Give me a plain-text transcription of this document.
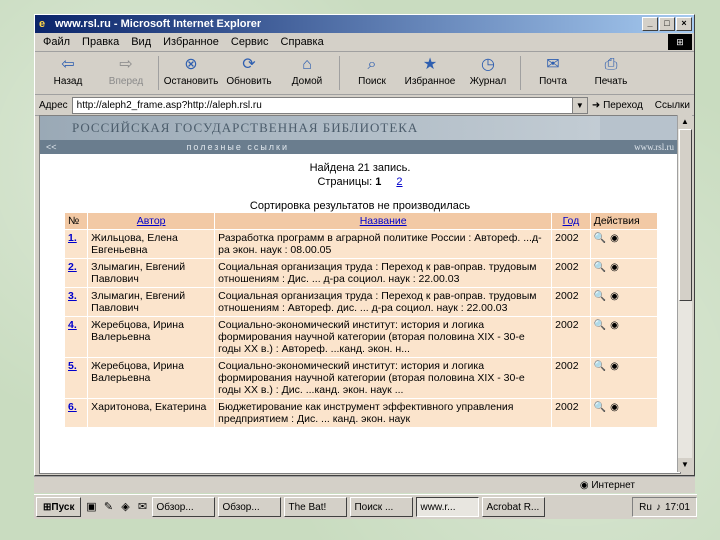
e www.rsl.ru - Microsoft Internet Explorer	_	□	×
Файл Правка Вид Избранное Сервис Справка	⊞
⇦
Назад
⇨
Вперед
⊗
Остановить
⟳
Обновить
⌂
Домой
⌕
Поиск
★
Избранное
◷
Журнал
✉
Почта
⎙
Печать
Адрес http://aleph2_frame.asp?http://aleph.rsl.ru	▼ ➜ Переход Ссылки
РОССИЙСКАЯ ГОСУДАРСТВЕННАЯ БИБЛИОТЕКА
<<	полезные ссылки	www.rsl.ru
Найдена 21 запись.
Страницы: 1 2
Сортировка результатов не производилась
№	Автор	Название	Год	Действия
1.	Жильцова, Елена Евгеньевна	Разработка программ в аграрной политике России : Автореф. ...д-ра экон. наук : 08.00.05	2002	🔍 ◉
2.	Злымагин, Евгений Павлович	Социальная организация труда : Переход к рав-оправ. трудовым отношениям : Дис. ... д-ра социол. наук : 22.00.03	2002	🔍 ◉
3.	Злымагин, Евгений Павлович	Социальная организация труда : Переход к рав-оправ. трудовым отношениям : Автореф. дис. ... д-ра социол. наук : 22.00.03	2002	🔍 ◉
4.	Жеребцова, Ирина Валерьевна	Социально-экономический институт: история и логика формирования научной категории (вторая половина XIX - 30-е годы XX в.) : Автореф. ...канд. экон. н...	2002	🔍 ◉
5.	Жеребцова, Ирина Валерьевна	Социально-экономический институт: история и логика формирования научной категории (вторая половина XIX - 30-е годы XX в.) : Дис. ...канд. экон. наук ...	2002	🔍 ◉
6.	Харитонова, Екатерина	Бюджетирование как инструмент эффективного управления предприятием : Дис. ... канд. экон. наук	2002	🔍 ◉
▲
▼
◉ Интернет
⊞ Пуск ▣ ✎ ◈ ✉ Обзор...	Обзор...	The Bat!	Поиск ...	www.r...	Acrobat R...	Ru ♪ 17:01
